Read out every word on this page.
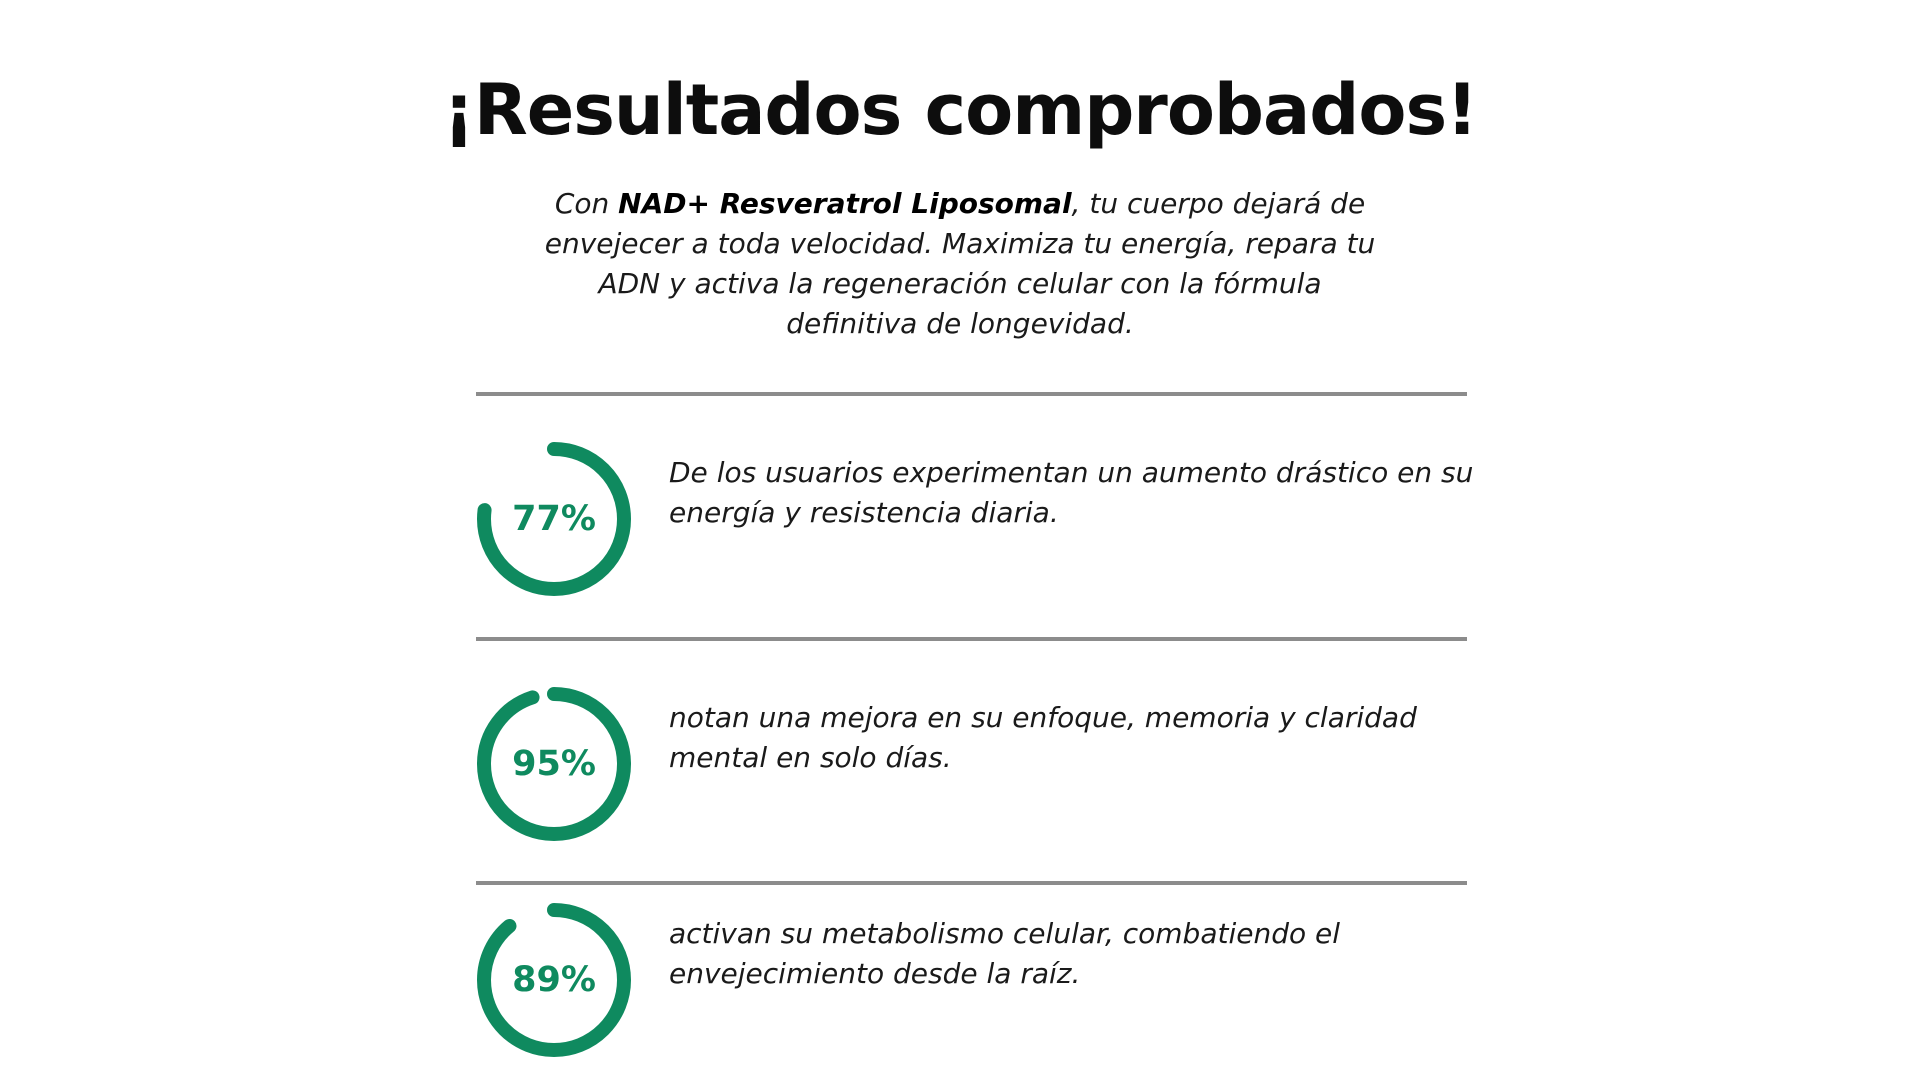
¡Resultados comprobados!

Con NAD+ Resveratrol Liposomal, tu cuerpo dejará de envejecer a toda velocidad. Maximiza tu energía, repara tu ADN y activa la regeneración celular con la fórmula definitiva de longevidad.

77%

De los usuarios experimentan un aumento drástico en su energía y resistencia diaria.

95%

notan una mejora en su enfoque, memoria y claridad mental en solo días.

89%

activan su metabolismo celular, combatiendo el envejecimiento desde la raíz.
